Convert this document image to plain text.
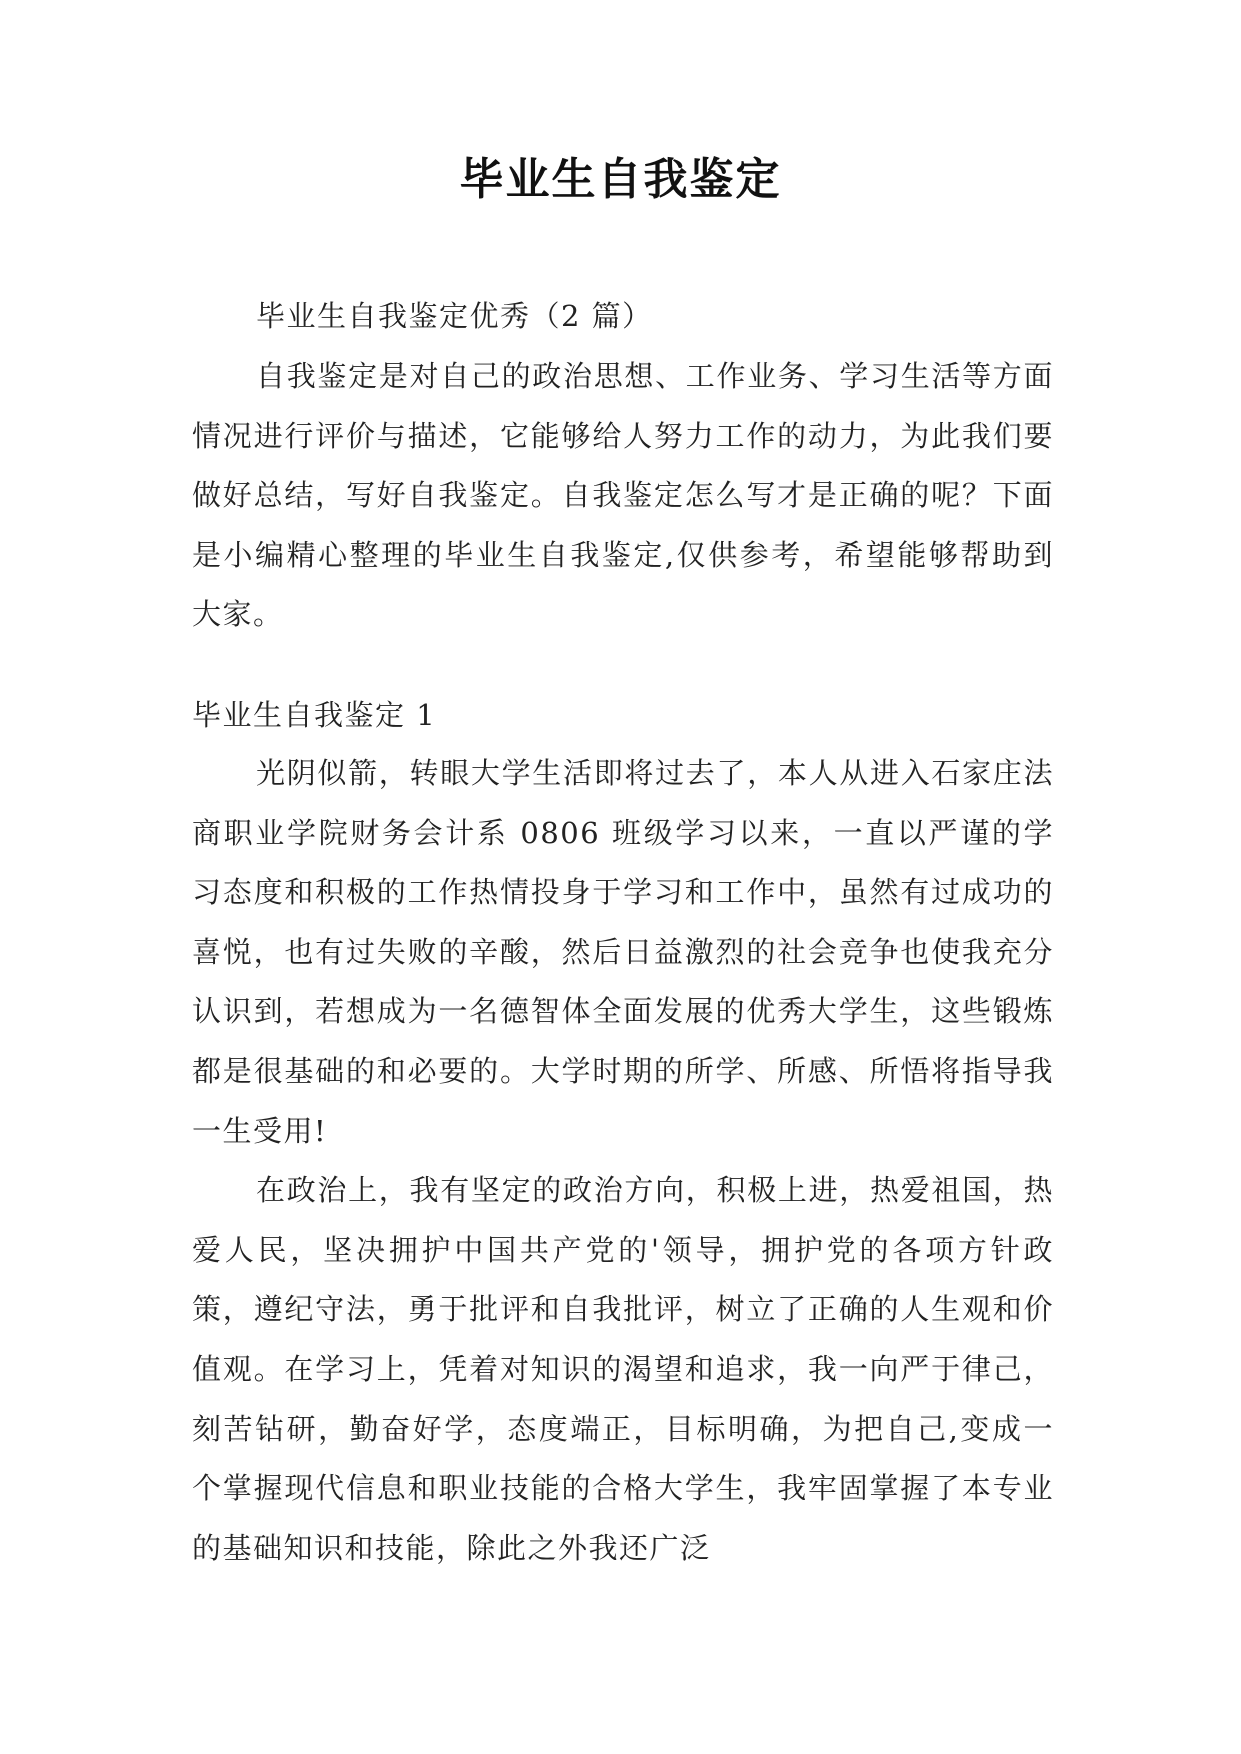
毕业生自我鉴定

毕业生自我鉴定优秀（2 篇）

自我鉴定是对自己的政治思想、工作业务、学习生活等方面情况进行评价与描述，它能够给人努力工作的动力，为此我们要做好总结，写好自我鉴定。自我鉴定怎么写才是正确的呢？下面是小编精心整理的毕业生自我鉴定,仅供参考，希望能够帮助到大家。

毕业生自我鉴定 1

光阴似箭，转眼大学生活即将过去了，本人从进入石家庄法商职业学院财务会计系 0806 班级学习以来，一直以严谨的学习态度和积极的工作热情投身于学习和工作中，虽然有过成功的喜悦，也有过失败的辛酸，然后日益激烈的社会竞争也使我充分认识到，若想成为一名德智体全面发展的优秀大学生，这些锻炼都是很基础的和必要的。大学时期的所学、所感、所悟将指导我一生受用!

在政治上，我有坚定的政治方向，积极上进，热爱祖国，热爱人民，坚决拥护中国共产党的'领导，拥护党的各项方针政策，遵纪守法，勇于批评和自我批评，树立了正确的人生观和价值观。在学习上，凭着对知识的渴望和追求，我一向严于律己，刻苦钻研，勤奋好学，态度端正，目标明确，为把自己,变成一个掌握现代信息和职业技能的合格大学生，我牢固掌握了本专业的基础知识和技能，除此之外我还广泛
